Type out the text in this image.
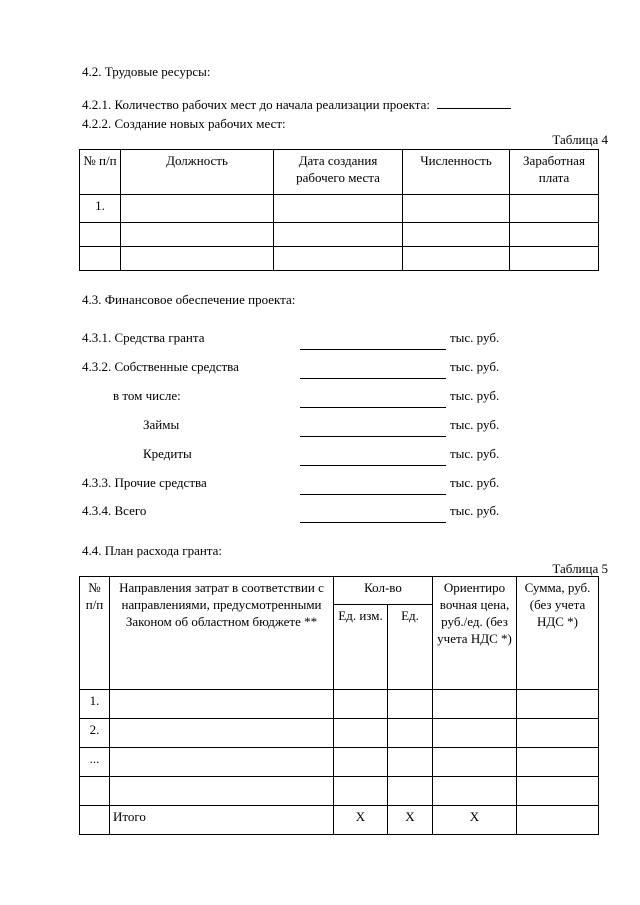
4.2. Трудовые ресурсы:
4.2.1. Количество рабочих мест до начала реализации проекта:
4.2.2. Создание новых рабочих мест:
Таблица 4
№ п/п	Должность	Дата создания рабочего места	Численность	Заработная плата
1.				

4.3. Финансовое обеспечение проекта:
4.3.1. Средства гранта	тыс. руб.
4.3.2. Собственные средства	тыс. руб.
в том числе:	тыс. руб.
Займы	тыс. руб.
Кредиты	тыс. руб.
4.3.3. Прочие средства	тыс. руб.
4.3.4. Всего	тыс. руб.
4.4. План расхода гранта:
Таблица 5
№ п/п	Направления затрат в соответствии с направлениями, предусмотренными Законом об областном бюджете **	Кол-во		Ориентиро вочная цена, руб./ед. (без учета НДС *)	Сумма, руб. (без учета НДС *)
		Ед. изм.	Ед.		
1.					
2.					
...					

	Итого	Х	Х	Х	
